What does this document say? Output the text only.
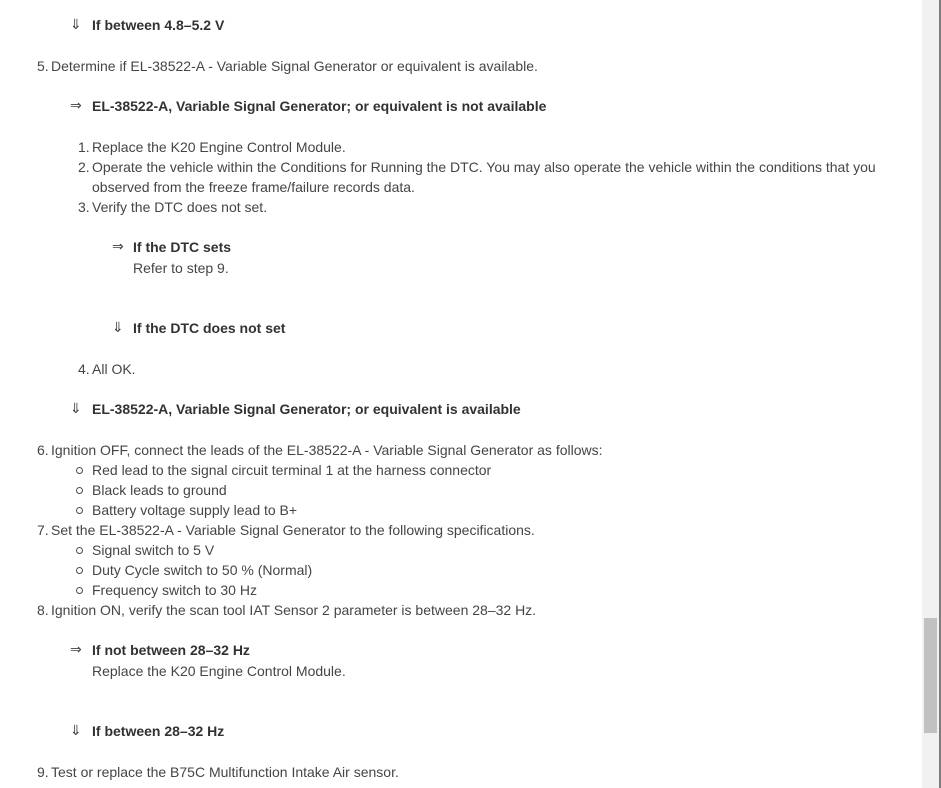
⇓ If between 4.8–5.2 V
5. Determine if EL-38522-A - Variable Signal Generator or equivalent is available.
⇒ EL-38522-A, Variable Signal Generator; or equivalent is not available
1. Replace the K20 Engine Control Module.
2. Operate the vehicle within the Conditions for Running the DTC. You may also operate the vehicle within the conditions that you observed from the freeze frame/failure records data.
3. Verify the DTC does not set.
⇒ If the DTC sets
Refer to step 9.
⇓ If the DTC does not set
4. All OK.
⇓ EL-38522-A, Variable Signal Generator; or equivalent is available
6. Ignition OFF, connect the leads of the EL-38522-A - Variable Signal Generator as follows:
Red lead to the signal circuit terminal 1 at the harness connector
Black leads to ground
Battery voltage supply lead to B+
7. Set the EL-38522-A - Variable Signal Generator to the following specifications.
Signal switch to 5 V
Duty Cycle switch to 50 % (Normal)
Frequency switch to 30 Hz
8. Ignition ON, verify the scan tool IAT Sensor 2 parameter is between 28–32 Hz.
⇒ If not between 28–32 Hz
Replace the K20 Engine Control Module.
⇓ If between 28–32 Hz
9. Test or replace the B75C Multifunction Intake Air sensor.
